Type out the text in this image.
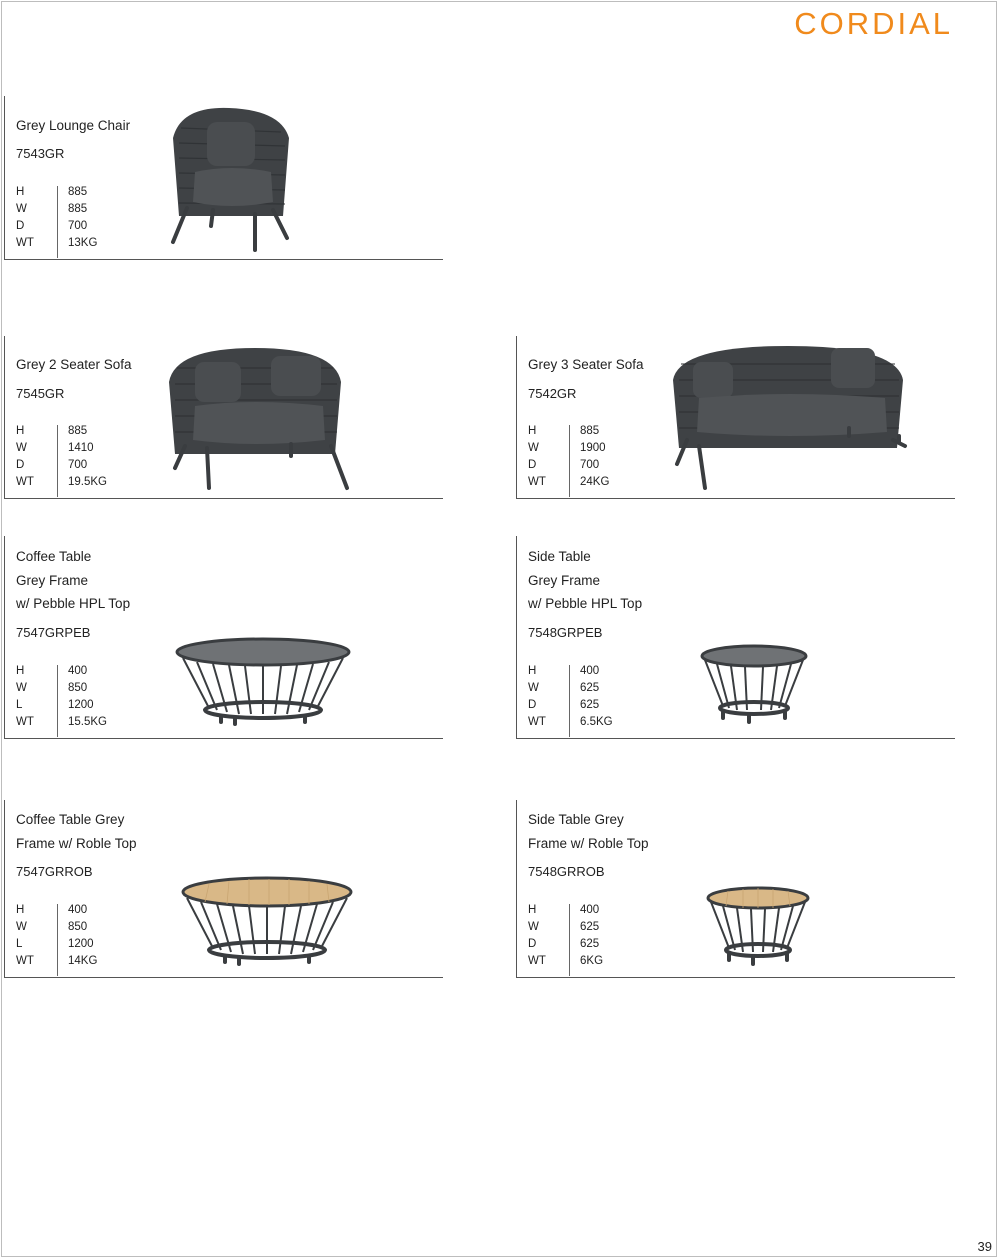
CORDIAL
Grey Lounge Chair
7543GR
H	885
W	885
D	700
WT	13KG
Grey 2 Seater Sofa
7545GR
H	885
W	1410
D	700
WT	19.5KG
Grey 3 Seater Sofa
7542GR
H	885
W	1900
D	700
WT	24KG
Coffee Table
Grey Frame
w/ Pebble HPL Top
7547GRPEB
H	400
W	850
L	1200
WT	15.5KG
Side Table
Grey Frame
w/ Pebble HPL Top
7548GRPEB
H	400
W	625
D	625
WT	6.5KG
Coffee Table Grey
Frame w/ Roble Top
7547GRROB
H	400
W	850
L	1200
WT	14KG
Side Table Grey
Frame w/ Roble Top
7548GRROB
H	400
W	625
D	625
WT	6KG
39
